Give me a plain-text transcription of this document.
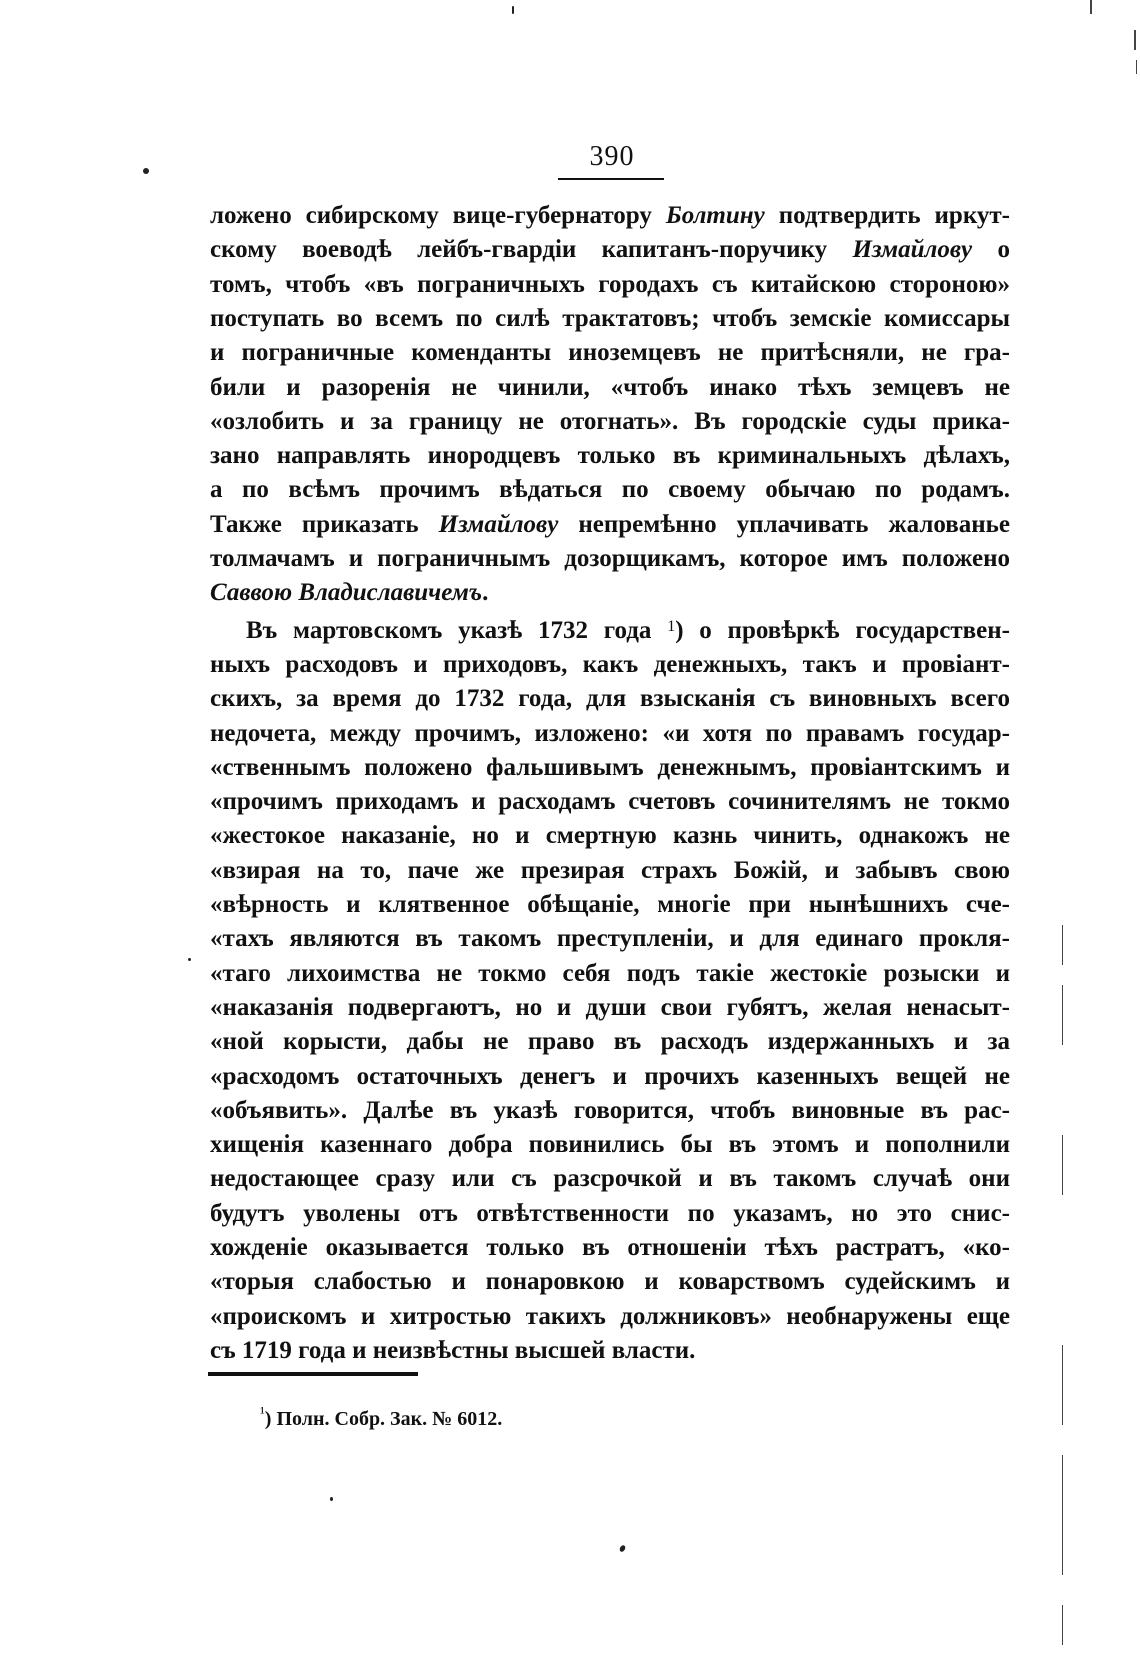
390
ложено сибирскому вице-губернатору Болтину подтвердить иркут-
скому воеводѣ лейбъ-гвардіи капитанъ-поручику Измайлову о
томъ, чтобъ «въ пограничныхъ городахъ съ китайскою стороною»
поступать во всемъ по силѣ трактатовъ; чтобъ земскіе комиссары
и пограничные коменданты иноземцевъ не притѣсняли, не гра-
били и разоренія не чинили, «чтобъ инако тѣхъ земцевъ не
«озлобить и за границу не отогнать». Въ городскіе суды прика-
зано направлять инородцевъ только въ криминальныхъ дѣлахъ,
а по всѣмъ прочимъ вѣдаться по своему обычаю по родамъ.
Также приказать Измайлову непремѣнно уплачивать жалованье
толмачамъ и пограничнымъ дозорщикамъ, которое имъ положено
Саввою Владиславичемъ.
Въ мартовскомъ указѣ 1732 года $^1$) о провѣркѣ государствен-
ныхъ расходовъ и приходовъ, какъ денежныхъ, такъ и провіант-
скихъ, за время до 1732 года, для взысканія съ виновныхъ всего
недочета, между прочимъ, изложено: «и хотя по правамъ государ-
«ственнымъ положено фальшивымъ денежнымъ, провіантскимъ и
«прочимъ приходамъ и расходамъ счетовъ сочинителямъ не токмо
«жестокое наказаніе, но и смертную казнь чинить, однакожъ не
«взирая на то, паче же презирая страхъ Божій, и забывъ свою
«вѣрность и клятвенное обѣщаніе, многіе при нынѣшнихъ сче-
«тахъ являются въ такомъ преступленіи, и для единаго прокля-
«таго лихоимства не токмо себя подъ такіе жестокіе розыски и
«наказанія подвергаютъ, но и души свои губятъ, желая ненасыт-
«ной корысти, дабы не право въ расходъ издержанныхъ и за
«расходомъ остаточныхъ денегъ и прочихъ казенныхъ вещей не
«объявить». Далѣе въ указѣ говорится, чтобъ виновные въ рас-
хищенія казеннаго добра повинились бы въ этомъ и пополнили
недостающее сразу или съ разсрочкой и въ такомъ случаѣ они
будутъ уволены отъ отвѣтственности по указамъ, но это снис-
хожденіе оказывается только въ отношеніи тѣхъ растратъ, «ко-
«торыя слабостью и понаровкою и коварствомъ судейскимъ и
«проискомъ и хитростью такихъ должниковъ» необнаружены еще
съ 1719 года и неизвѣстны высшей власти.
$^{^1}$) Полн. Собр. Зак. № 6012.
